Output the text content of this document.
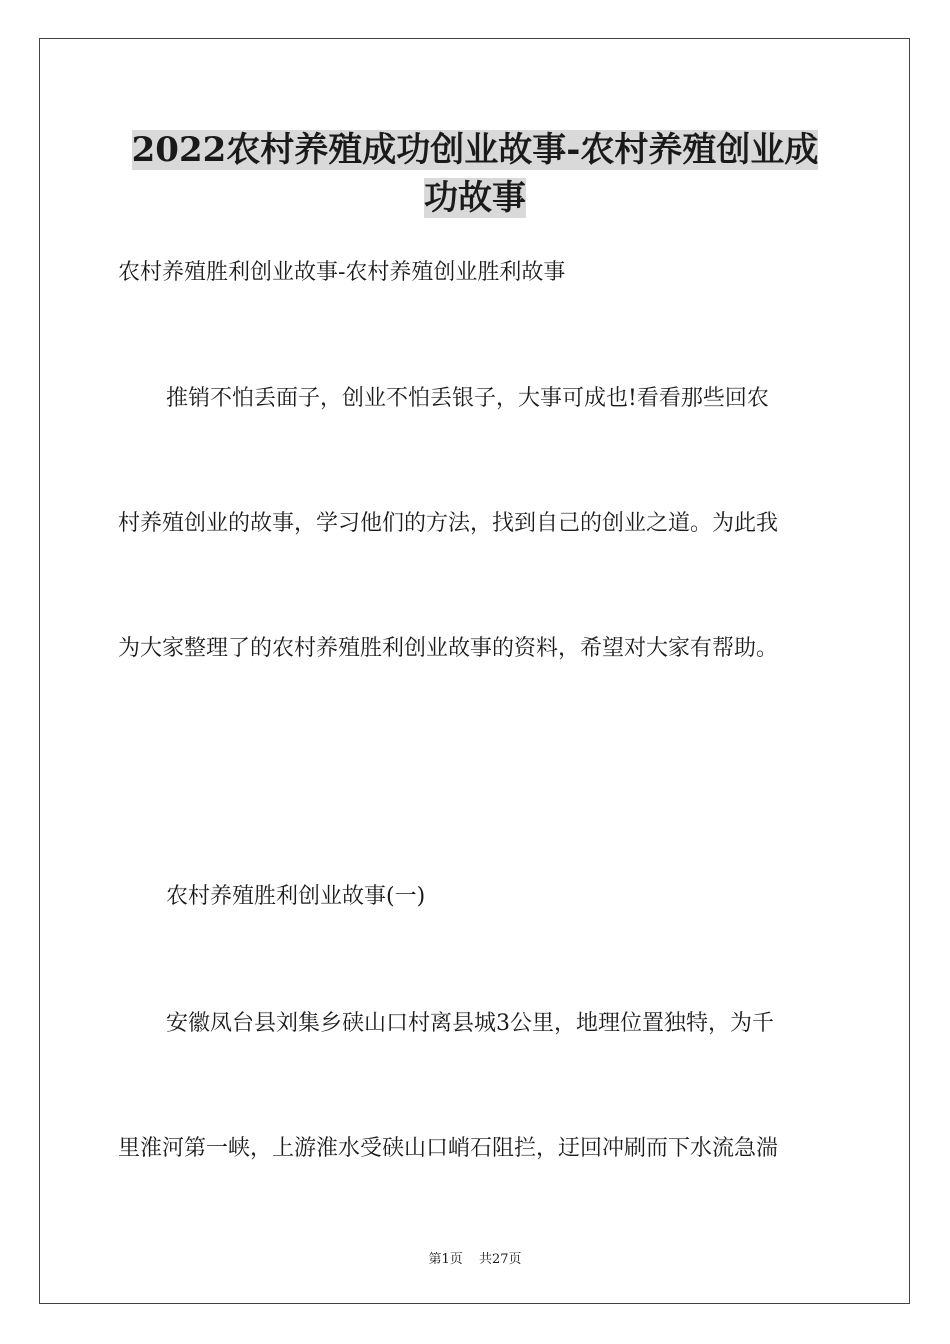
2022农村养殖成功创业故事-农村养殖创业成
功故事

农村养殖胜利创业故事-农村养殖创业胜利故事

推销不怕丢面子，创业不怕丢银子，大事可成也!看看那些回农

村养殖创业的故事，学习他们的方法，找到自己的创业之道。为此我

为大家整理了的农村养殖胜利创业故事的资料，希望对大家有帮助。

农村养殖胜利创业故事(一)

安徽凤台县刘集乡硖山口村离县城3公里，地理位置独特，为千

里淮河第一峡，上游淮水受硖山口峭石阻拦，迂回冲刷而下水流急湍

第1页 共27页
